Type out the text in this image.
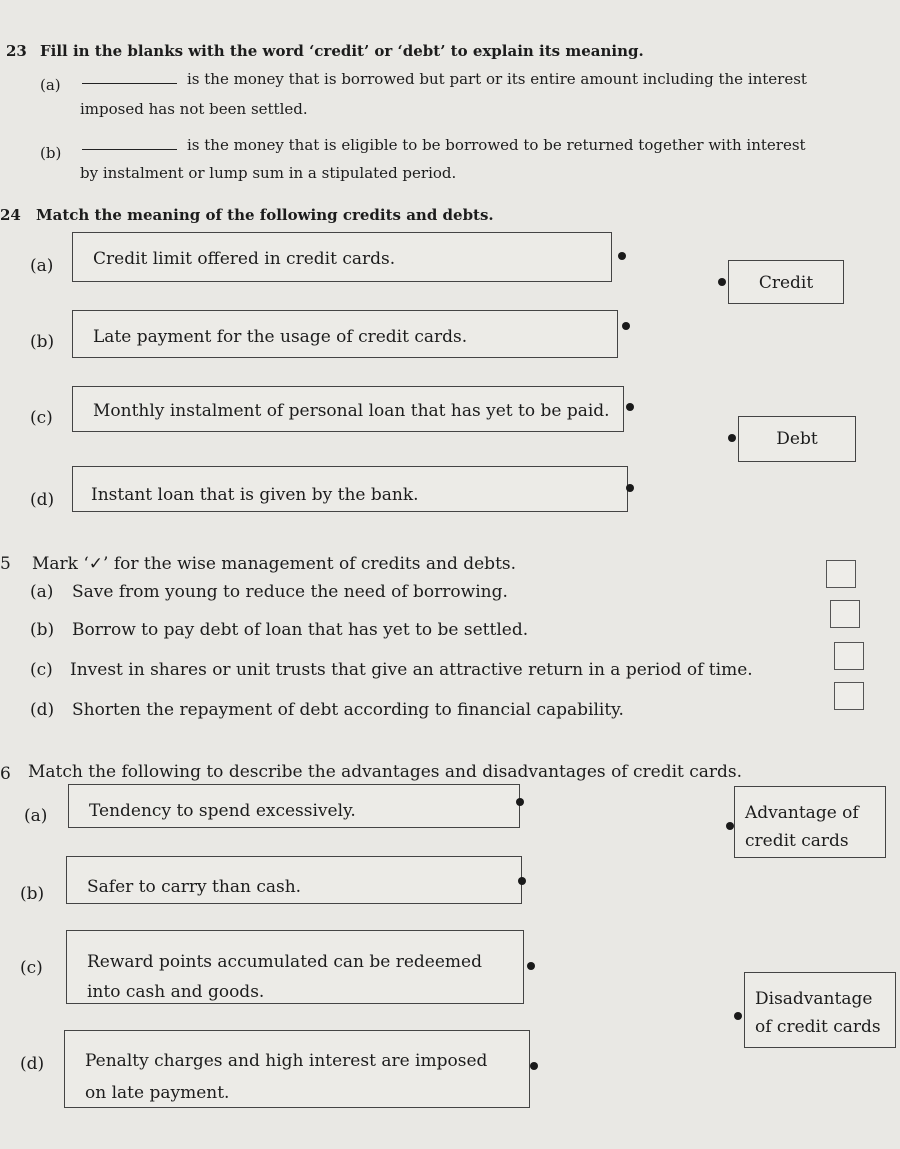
23 Fill in the blanks with the word ‘credit’ or ‘debt’ to explain its meaning.
(a)	is the money that is borrowed but part or its entire amount including the interest
imposed has not been settled.
(b)	is the money that is eligible to be borrowed to be returned together with interest
by instalment or lump sum in a stipulated period.
24 Match the meaning of the following credits and debts.
(a) Credit limit offered in credit cards.
(b) Late payment for the usage of credit cards.
(c) Monthly instalment of personal loan that has yet to be paid.
(d) Instant loan that is given by the bank.
Credit
Debt
5 Mark ‘✓’ for the wise management of credits and debts.
(a) Save from young to reduce the need of borrowing.
(b) Borrow to pay debt of loan that has yet to be settled.
(c) Invest in shares or unit trusts that give an attractive return in a period of time.
(d) Shorten the repayment of debt according to financial capability.
6 Match the following to describe the advantages and disadvantages of credit cards.
(a) Tendency to spend excessively.
(b)	Safer to carry than cash.
(c)	Reward points accumulated can be redeemed
into cash and goods.
(d) Penalty charges and high interest are imposed
on late payment.
Advantage of
credit cards
Disadvantage
of credit cards
